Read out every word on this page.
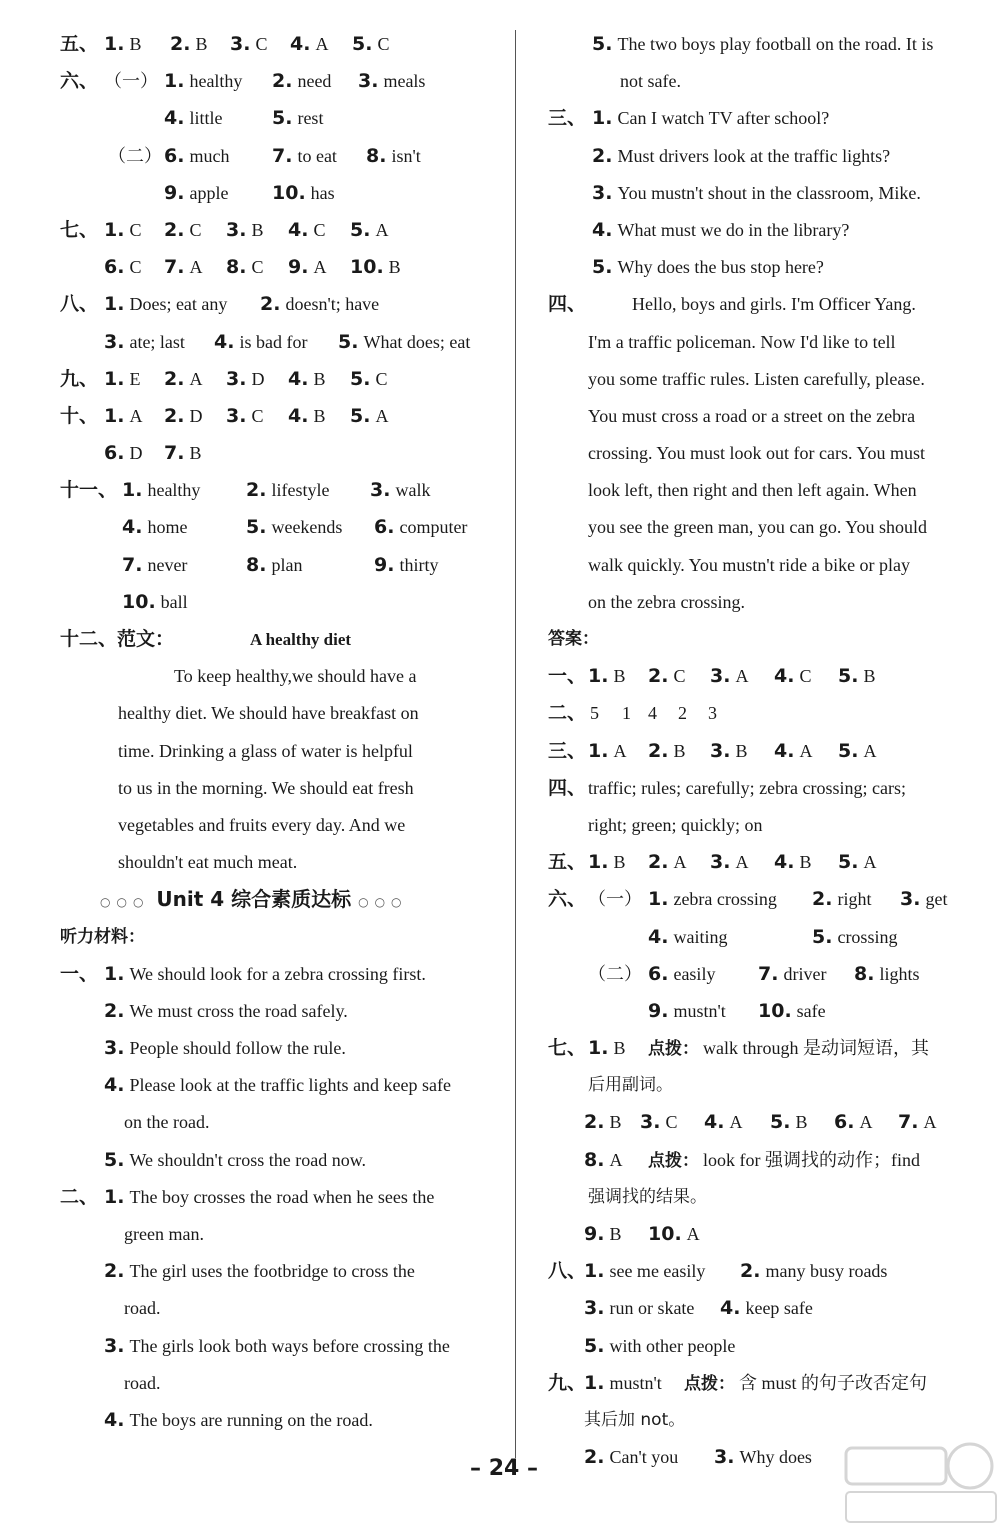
五、 1. B 2. B 3. C 4. A 5. C
六、 （一） 1. healthy 2. need 3. meals
4. little	5. rest
（二） 6. much 7. to eat 8. isn't
9. apple 10. has
七、 1. C 2. C 3. B 4. C 5. A
6. C 7. A 8. C 9. A 10. B
八、 1. Does; eat any 2. doesn't; have
3. ate; last 4. is bad for 5. What does; eat
九、 1. E 2. A 3. D 4. B 5. C
十、 1. A 2. D 3. C 4. B 5. A
6. D 7. B
十一、 1. healthy 2. lifestyle 3. walk
4. home	5. weekends 6. computer
7. never	8. plan	9. thirty
10. ball
十二、范文：	A healthy diet
To keep healthy,we should have a
healthy diet. We should have breakfast on
time. Drinking a glass of water is helpful
to us in the morning. We should eat fresh
vegetables and fruits every day. And we
shouldn't eat much meat.
○○○ Unit 4 综合素质达标 ○○○
听力材料：
一、 1. We should look for a zebra crossing first.
2. We must cross the road safely.
3. People should follow the rule.
4. Please look at the traffic lights and keep safe
on the road.
5. We shouldn't cross the road now.
二、 1. The boy crosses the road when he sees the
green man.
2. The girl uses the footbridge to cross the
road.
3. The girls look both ways before crossing the
road.
4. The boys are running on the road.
5. The two boys play football on the road. It is
not safe.
三、 1. Can I watch TV after school?
2. Must drivers look at the traffic lights?
3. You mustn't shout in the classroom, Mike.
4. What must we do in the library?
5. Why does the bus stop here?
四、	Hello, boys and girls. I'm Officer Yang.
I'm a traffic policeman. Now I'd like to tell
you some traffic rules. Listen carefully, please.
You must cross a road or a street on the zebra
crossing. You must look out for cars. You must
look left, then right and then left again. When
you see the green man, you can go. You should
walk quickly. You mustn't ride a bike or play
on the zebra crossing.
答案：
一、 1. B 2. C 3. A 4. C 5. B
二、 5 1 4 2 3
三、 1. A 2. B 3. B 4. A 5. A
四、 traffic; rules; carefully; zebra crossing; cars;
right; green; quickly; on
五、 1. B 2. A 3. A 4. B 5. A
六、 （一） 1. zebra crossing 2. right 3. get
4. waiting	5. crossing
（二） 6. easily 7. driver 8. lights
9. mustn't 10. safe
七、 1. B 点拨： walk through 是动词短语，其
后用副词。
2. B 3. C 4. A 5. B 6. A 7. A
8. A 点拨： look for 强调找的动作；find
强调找的结果。
9. B 10. A
八、
1. see me easily 2. many busy roads
3. run or skate 4. keep safe
5. with other people
九、
1. mustn't 点拨： 含 must 的句子改否定句
其后加 not。
2. Can't you 3. Why does
– 24 –
